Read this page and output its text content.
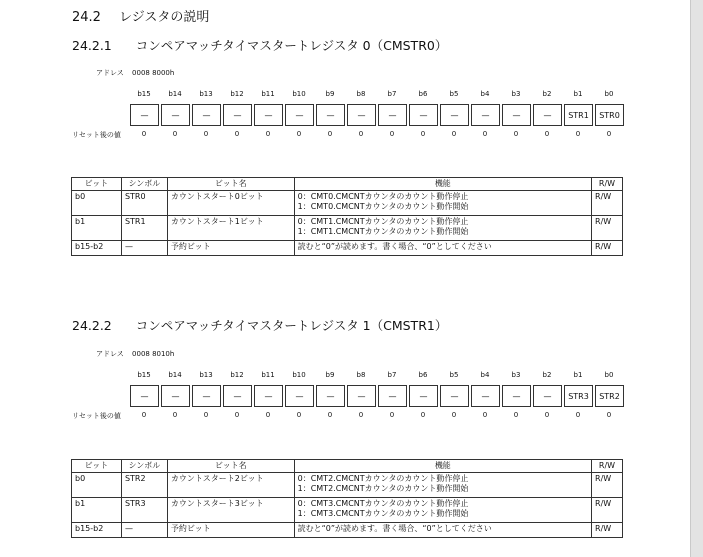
24.2 レジスタの説明
24.2.1 コンペアマッチタイマスタートレジスタ 0（CMSTR0）
アドレス 0008 8000h
b15	b14	b13	b12	b11	b10	b9	b8	b7	b6	b5	b4	b3	b2	b1	b0
—	—	—	—	—	—	—	—	—	—	—	—	—	—	STR1	STR0
リセット後の値	0	0	0	0	0	0	0	0	0	0	0	0	0	0	0	0
ビット	シンボル	ビット名	機能	R/W
b0	STR0	カウントスタート0ビット	0：CMT0.CMCNTカウンタのカウント動作停止
1：CMT0.CMCNTカウンタのカウント動作開始	R/W
b1	STR1	カウントスタート1ビット	0：CMT1.CMCNTカウンタのカウント動作停止
1：CMT1.CMCNTカウンタのカウント動作開始	R/W
b15-b2	—	予約ビット	読むと“0”が読めます。書く場合、“0”としてください	R/W
24.2.2 コンペアマッチタイマスタートレジスタ 1（CMSTR1）
アドレス 0008 8010h
b15	b14	b13	b12	b11	b10	b9	b8	b7	b6	b5	b4	b3	b2	b1	b0
—	—	—	—	—	—	—	—	—	—	—	—	—	—	STR3	STR2
リセット後の値	0	0	0	0	0	0	0	0	0	0	0	0	0	0	0	0
ビット	シンボル	ビット名	機能	R/W
b0	STR2	カウントスタート2ビット	0：CMT2.CMCNTカウンタのカウント動作停止
1：CMT2.CMCNTカウンタのカウント動作開始	R/W
b1	STR3	カウントスタート3ビット	0：CMT3.CMCNTカウンタのカウント動作停止
1：CMT3.CMCNTカウンタのカウント動作開始	R/W
b15-b2	—	予約ビット	読むと“0”が読めます。書く場合、“0”としてください	R/W
